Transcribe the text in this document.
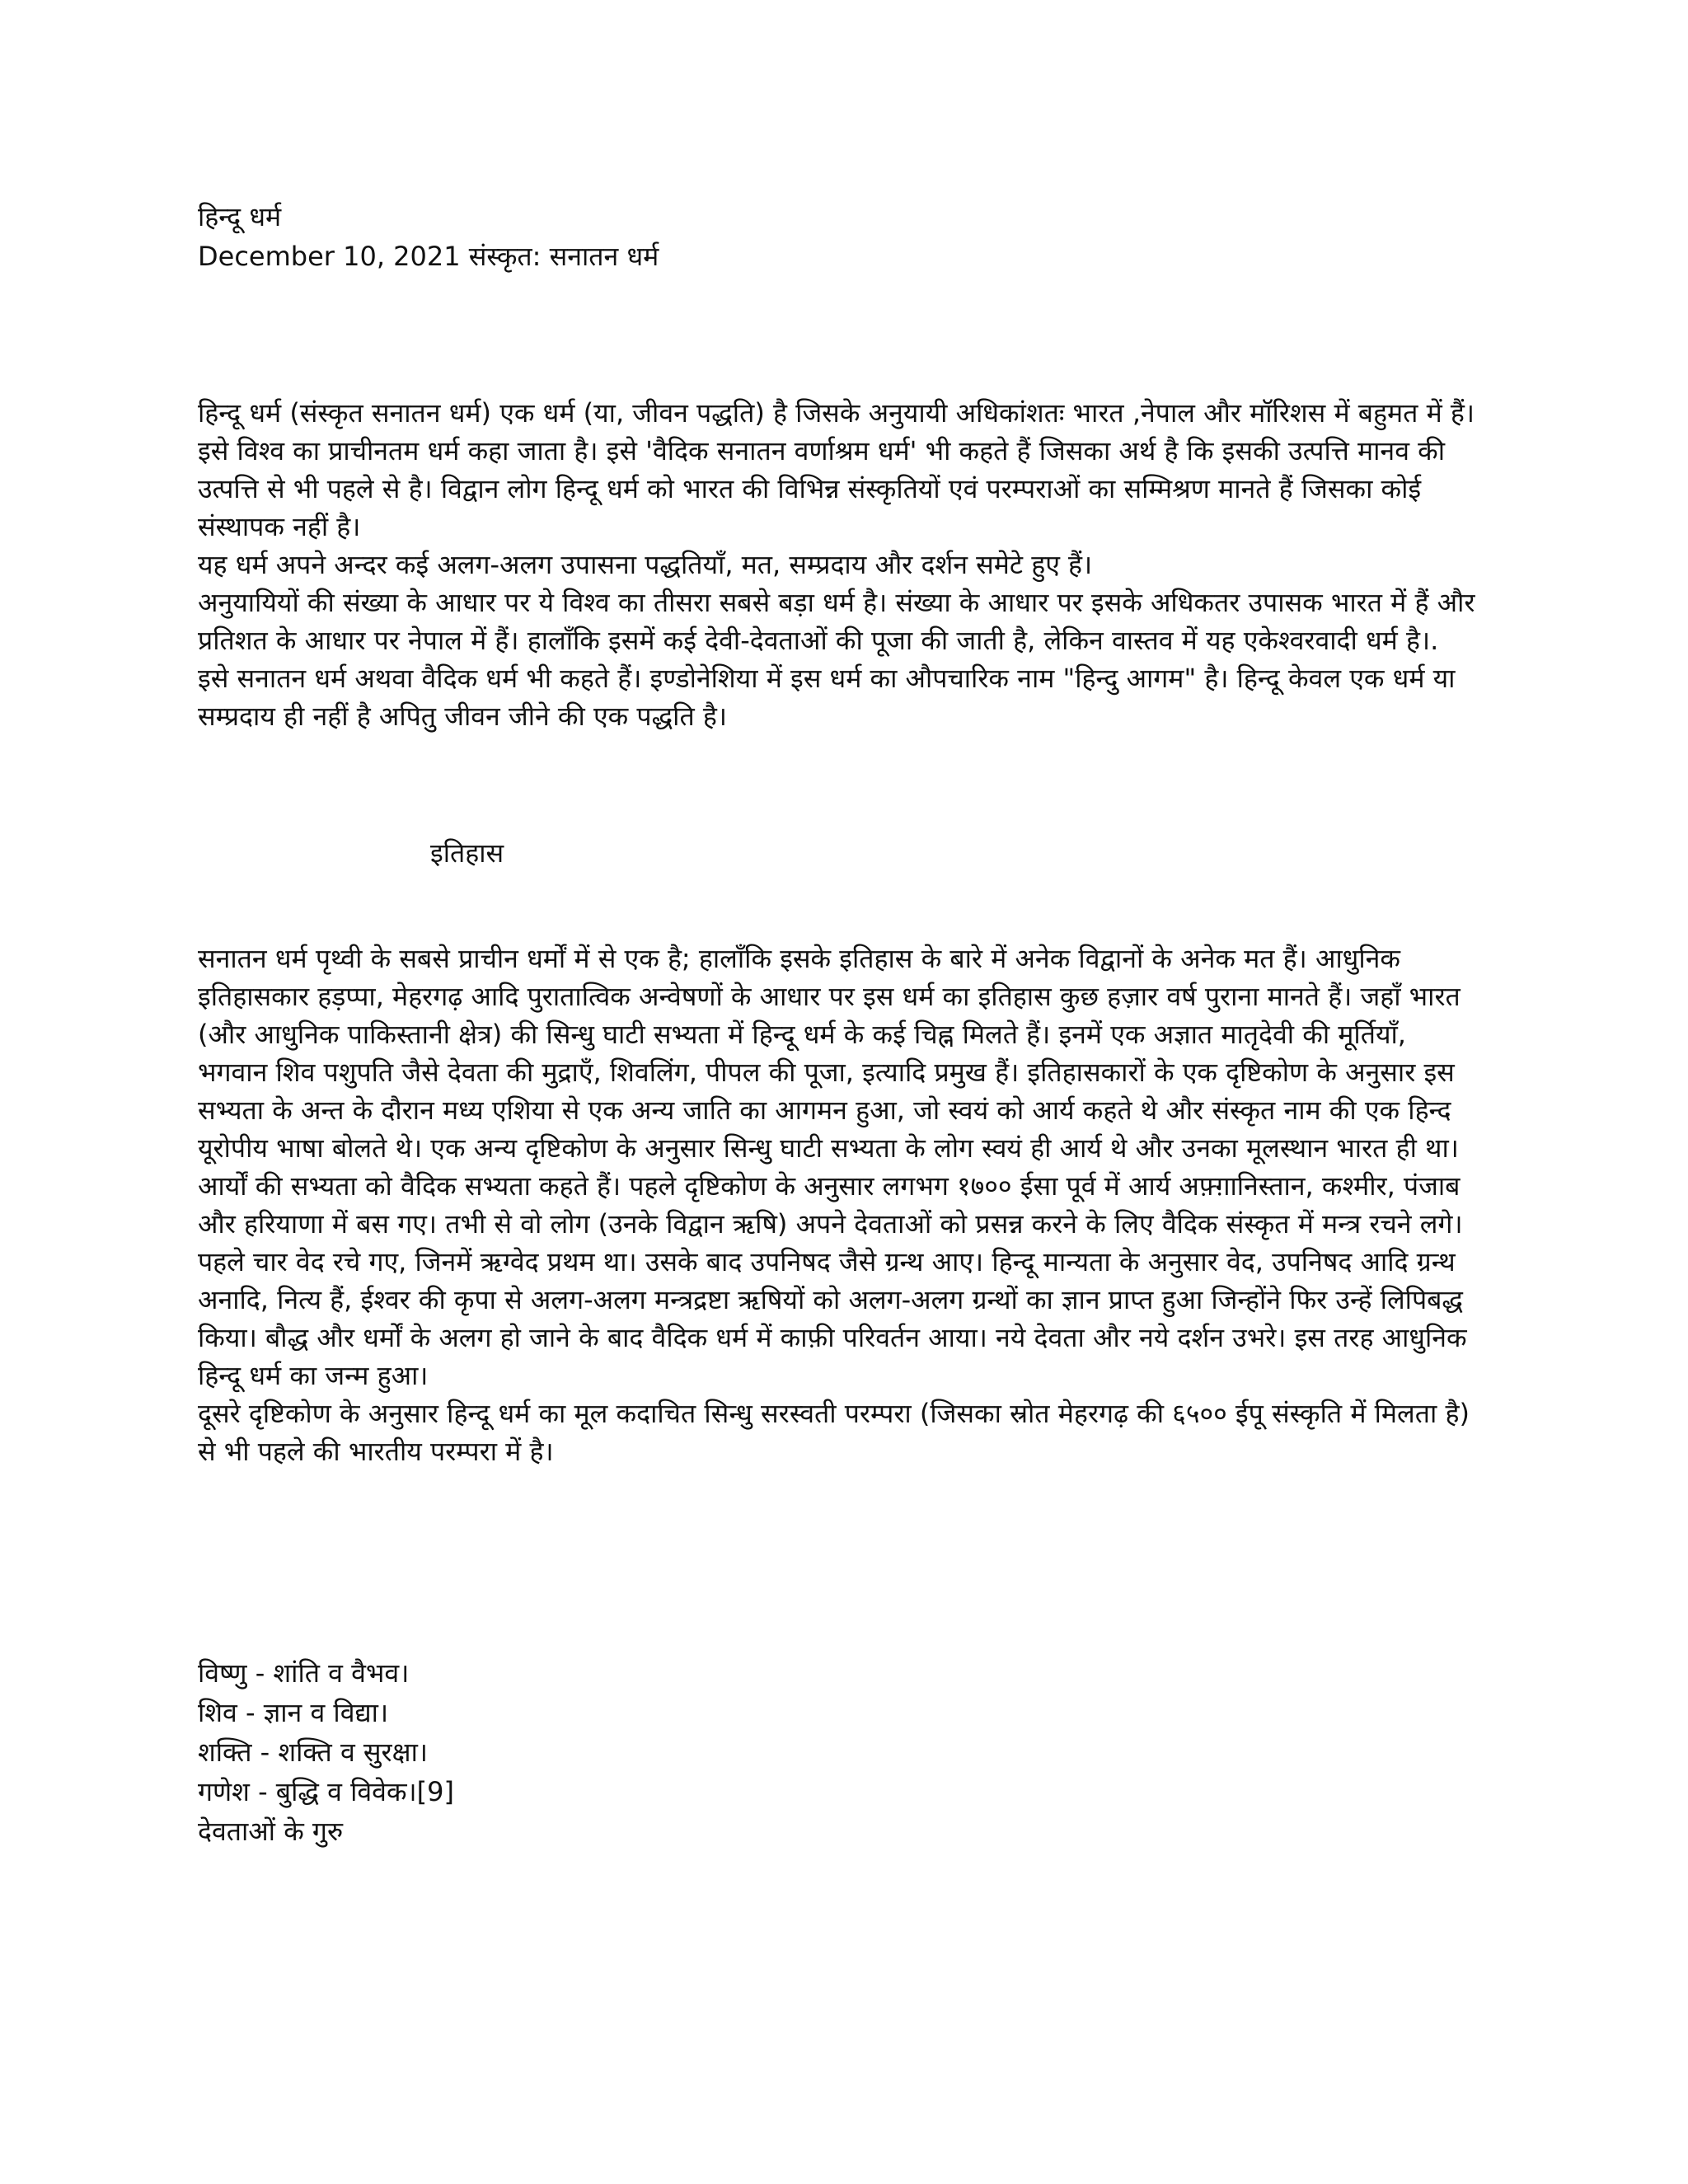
हिन्दू धर्म
December 10, 2021 संस्कृत: सनातन धर्म

हिन्दू धर्म (संस्कृत सनातन धर्म) एक धर्म (या, जीवन पद्धति) है जिसके अनुयायी अधिकांशतः भारत ,नेपाल और मॉरिशस में बहुमत में हैं। इसे विश्व का प्राचीनतम धर्म कहा जाता है। इसे 'वैदिक सनातन वर्णाश्रम धर्म' भी कहते हैं जिसका अर्थ है कि इसकी उत्पत्ति मानव की उत्पत्ति से भी पहले से है। विद्वान लोग हिन्दू धर्म को भारत की विभिन्न संस्कृतियों एवं परम्पराओं का सम्मिश्रण मानते हैं जिसका कोई संस्थापक नहीं है।

यह धर्म अपने अन्दर कई अलग-अलग उपासना पद्धतियाँ, मत, सम्प्रदाय और दर्शन समेटे हुए हैं।

अनुयायियों की संख्या के आधार पर ये विश्व का तीसरा सबसे बड़ा धर्म है। संख्या के आधार पर इसके अधिकतर उपासक भारत में हैं और प्रतिशत के आधार पर नेपाल में हैं। हालाँकि इसमें कई देवी-देवताओं की पूजा की जाती है, लेकिन वास्तव में यह एकेश्वरवादी धर्म है।.

इसे सनातन धर्म अथवा वैदिक धर्म भी कहते हैं। इण्डोनेशिया में इस धर्म का औपचारिक नाम "हिन्दु आगम" है। हिन्दू केवल एक धर्म या सम्प्रदाय ही नहीं है अपितु जीवन जीने की एक पद्धति है।

इतिहास

सनातन धर्म पृथ्वी के सबसे प्राचीन धर्मों में से एक है; हालाँकि इसके इतिहास के बारे में अनेक विद्वानों के अनेक मत हैं। आधुनिक इतिहासकार हड़प्पा, मेहरगढ़ आदि पुरातात्विक अन्वेषणों के आधार पर इस धर्म का इतिहास कुछ हज़ार वर्ष पुराना मानते हैं। जहाँ भारत (और आधुनिक पाकिस्तानी क्षेत्र) की सिन्धु घाटी सभ्यता में हिन्दू धर्म के कई चिह्न मिलते हैं। इनमें एक अज्ञात मातृदेवी की मूर्तियाँ, भगवान शिव पशुपति जैसे देवता की मुद्राएँ, शिवलिंग, पीपल की पूजा, इत्यादि प्रमुख हैं। इतिहासकारों के एक दृष्टिकोण के अनुसार इस सभ्यता के अन्त के दौरान मध्य एशिया से एक अन्य जाति का आगमन हुआ, जो स्वयं को आर्य कहते थे और संस्कृत नाम की एक हिन्द यूरोपीय भाषा बोलते थे। एक अन्य दृष्टिकोण के अनुसार सिन्धु घाटी सभ्यता के लोग स्वयं ही आर्य थे और उनका मूलस्थान भारत ही था।

आर्यों की सभ्यता को वैदिक सभ्यता कहते हैं। पहले दृष्टिकोण के अनुसार लगभग १७०० ईसा पूर्व में आर्य अफ़्ग़ानिस्तान, कश्मीर, पंजाब और हरियाणा में बस गए। तभी से वो लोग (उनके विद्वान ऋषि) अपने देवताओं को प्रसन्न करने के लिए वैदिक संस्कृत में मन्त्र रचने लगे। पहले चार वेद रचे गए, जिनमें ऋग्वेद प्रथम था। उसके बाद उपनिषद जैसे ग्रन्थ आए। हिन्दू मान्यता के अनुसार वेद, उपनिषद आदि ग्रन्थ अनादि, नित्य हैं, ईश्वर की कृपा से अलग-अलग मन्त्रद्रष्टा ऋषियों को अलग-अलग ग्रन्थों का ज्ञान प्राप्त हुआ जिन्होंने फिर उन्हें लिपिबद्ध किया। बौद्ध और धर्मों के अलग हो जाने के बाद वैदिक धर्म में काफ़ी परिवर्तन आया। नये देवता और नये दर्शन उभरे। इस तरह आधुनिक हिन्दू धर्म का जन्म हुआ।

दूसरे दृष्टिकोण के अनुसार हिन्दू धर्म का मूल कदाचित सिन्धु सरस्वती परम्परा (जिसका स्रोत मेहरगढ़ की ६५०० ईपू संस्कृति में मिलता है) से भी पहले की भारतीय परम्परा में है।

विष्णु - शांति व वैभव।
शिव - ज्ञान व विद्या।
शक्ति - शक्ति व सुरक्षा।
गणेश - बुद्धि व विवेक।[9]
देवताओं के गुरु
